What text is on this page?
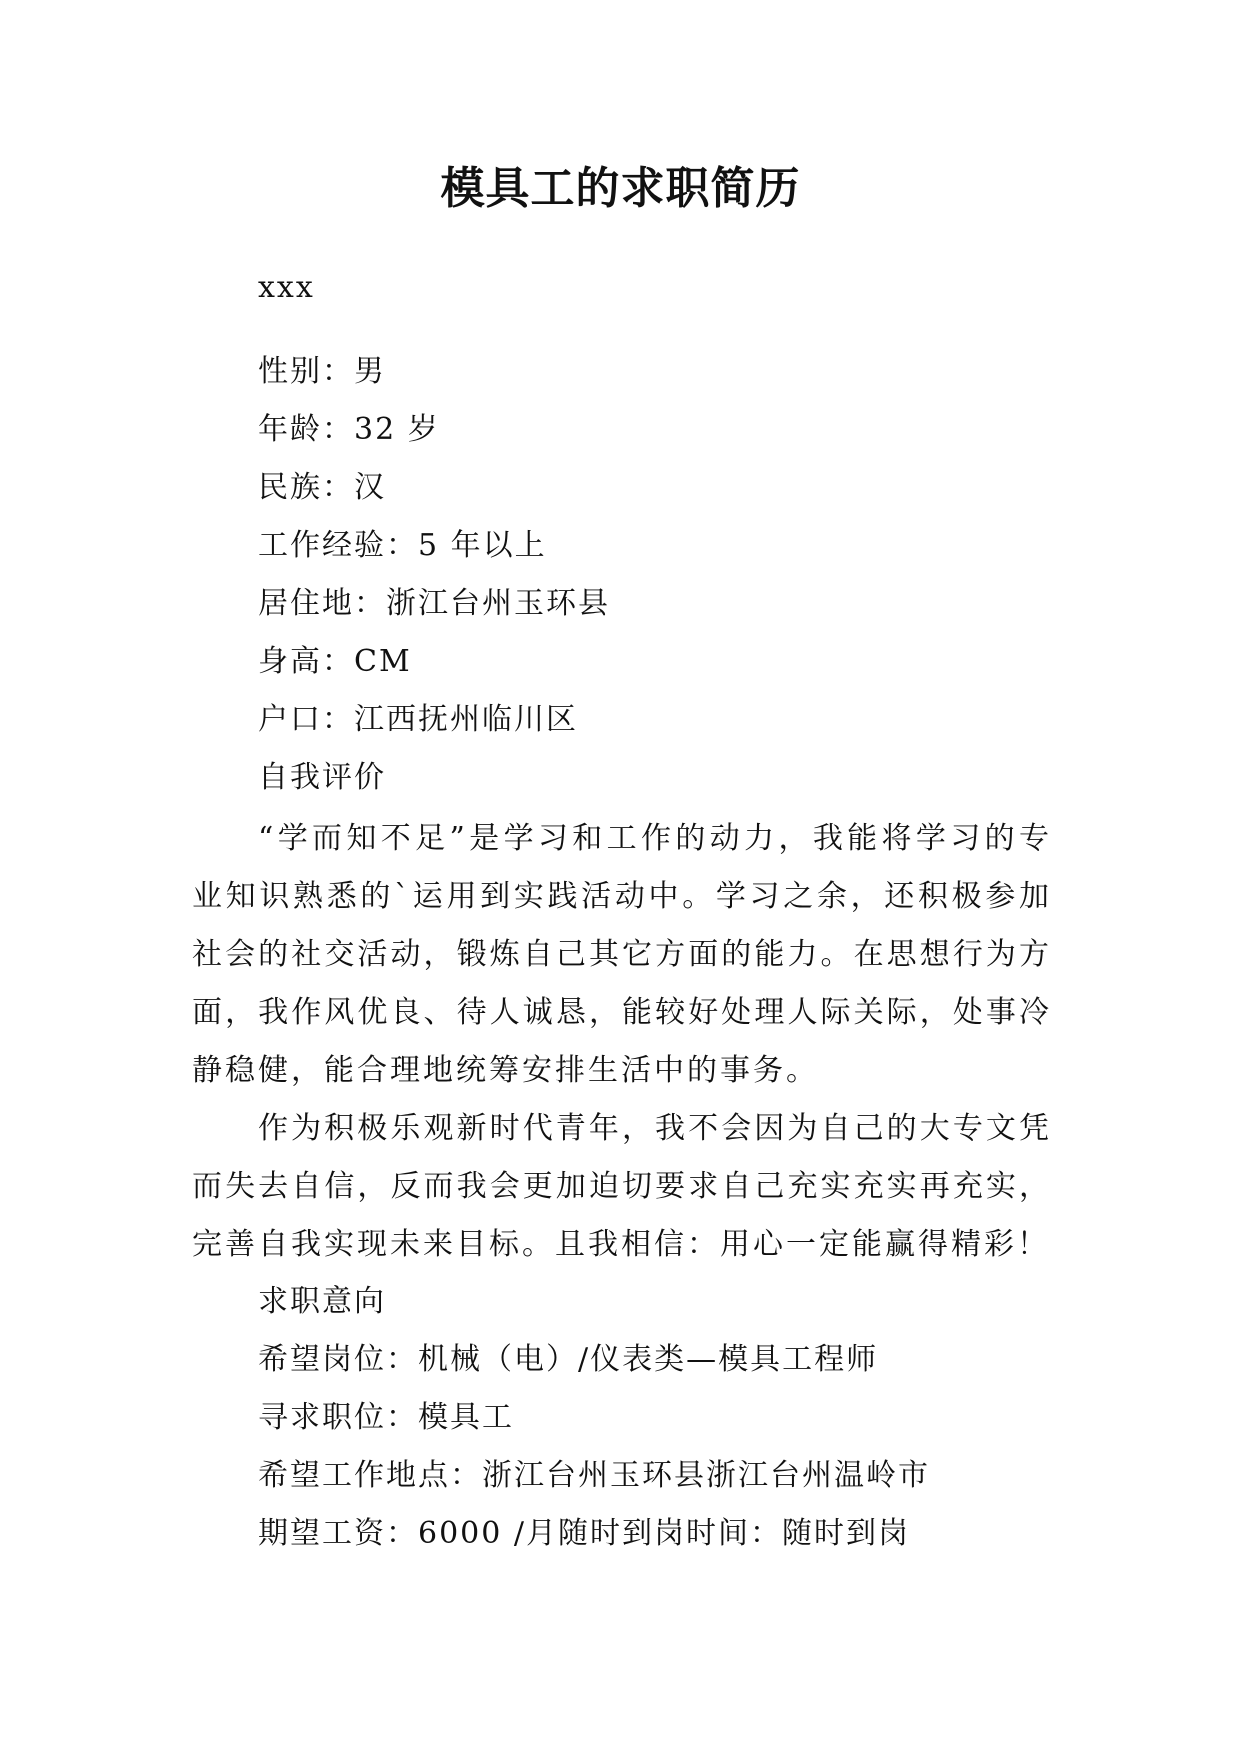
模具工的求职简历
xxx
性别：男
年龄：32 岁
民族：汉
工作经验：5 年以上
居住地：浙江台州玉环县
身高：CM
户口：江西抚州临川区
自我评价
“学而知不足”是学习和工作的动力，我能将学习的专业知识熟悉的`运用到实践活动中。学习之余，还积极参加社会的社交活动，锻炼自己其它方面的能力。在思想行为方面，我作风优良、待人诚恳，能较好处理人际关际，处事冷静稳健，能合理地统筹安排生活中的事务。
作为积极乐观新时代青年，我不会因为自己的大专文凭而失去自信，反而我会更加迫切要求自己充实充实再充实，完善自我实现未来目标。且我相信：用心一定能赢得精彩！
求职意向
希望岗位：机械（电）/仪表类—模具工程师
寻求职位：模具工
希望工作地点：浙江台州玉环县浙江台州温岭市
期望工资：6000 /月随时到岗时间：随时到岗
